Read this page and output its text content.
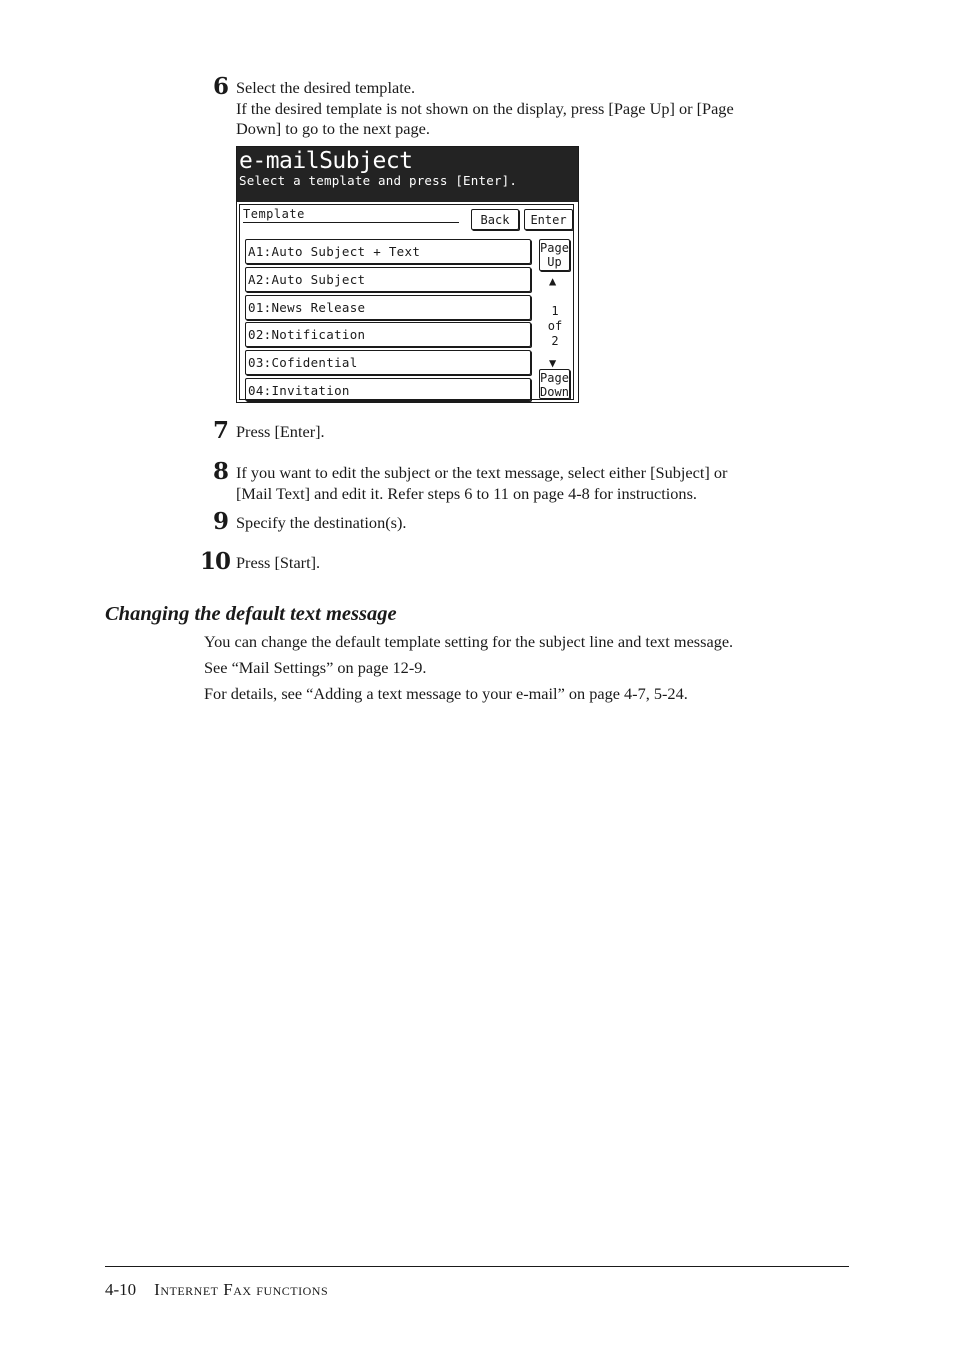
6 Select the desired template.
If the desired template is not shown on the display, press [Page Up] or [Page
Down] to go to the next page.
e-mailSubject
Select a template and press [Enter].
Template	Back	Enter
A1:Auto Subject + Text
A2:Auto Subject
01:News Release
02:Notification
03:Cofidential
04:Invitation
Page
Up
▲
1
of
2
▼
Page
Down
7 Press [Enter].
8 If you want to edit the subject or the text message, select either [Subject] or
[Mail Text] and edit it. Refer steps 6 to 11 on page 4-8 for instructions.
9 Specify the destination(s).
10 Press [Start].
Changing the default text message
You can change the default template setting for the subject line and text message.
See “Mail Settings” on page 12-9.
For details, see “Adding a text message to your e-mail” on page 4-7, 5-24.
4-10 Internet Fax functions
